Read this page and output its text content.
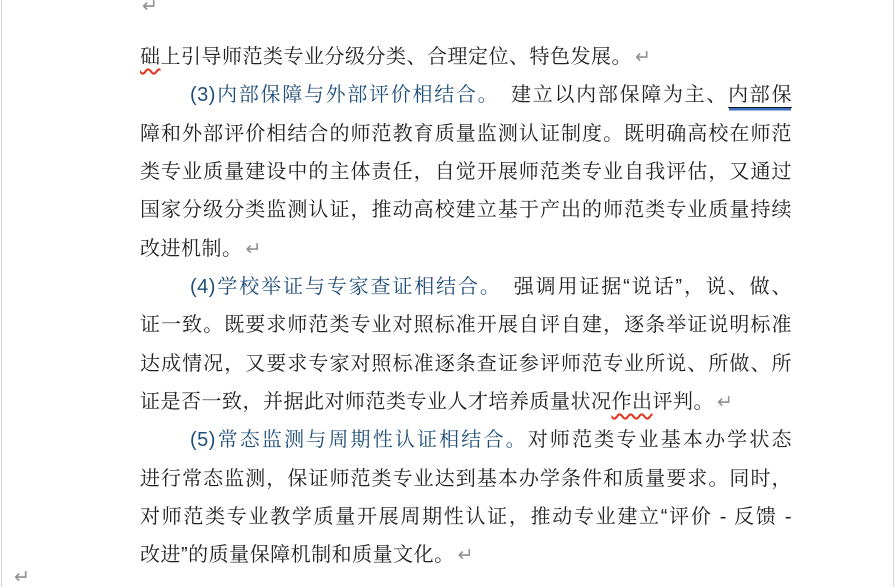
↵
础上引导师范类专业分级分类、合理定位、特色发展。 ↵
(3)内部保障与外部评价相结合。　建立以内部保障为主、内部保
障和外部评价相结合的师范教育质量监测认证制度。既明确高校在师范
类专业质量建设中的主体责任，自觉开展师范类专业自我评估，又通过
国家分级分类监测认证，推动高校建立基于产出的师范类专业质量持续
改进机制。 ↵
(4)学校举证与专家查证相结合。　强调用证据“说话”，说、做、
证一致。既要求师范类专业对照标准开展自评自建，逐条举证说明标准
达成情况，又要求专家对照标准逐条查证参评师范专业所说、所做、所
证是否一致，并据此对师范类专业人才培养质量状况作出评判。 ↵
(5)常态监测与周期性认证相结合。对师范类专业基本办学状态
进行常态监测，保证师范类专业达到基本办学条件和质量要求。同时，
对师范类专业教学质量开展周期性认证，推动专业建立“评价 - 反馈 -
改进”的质量保障机制和质量文化。 ↵
↵
